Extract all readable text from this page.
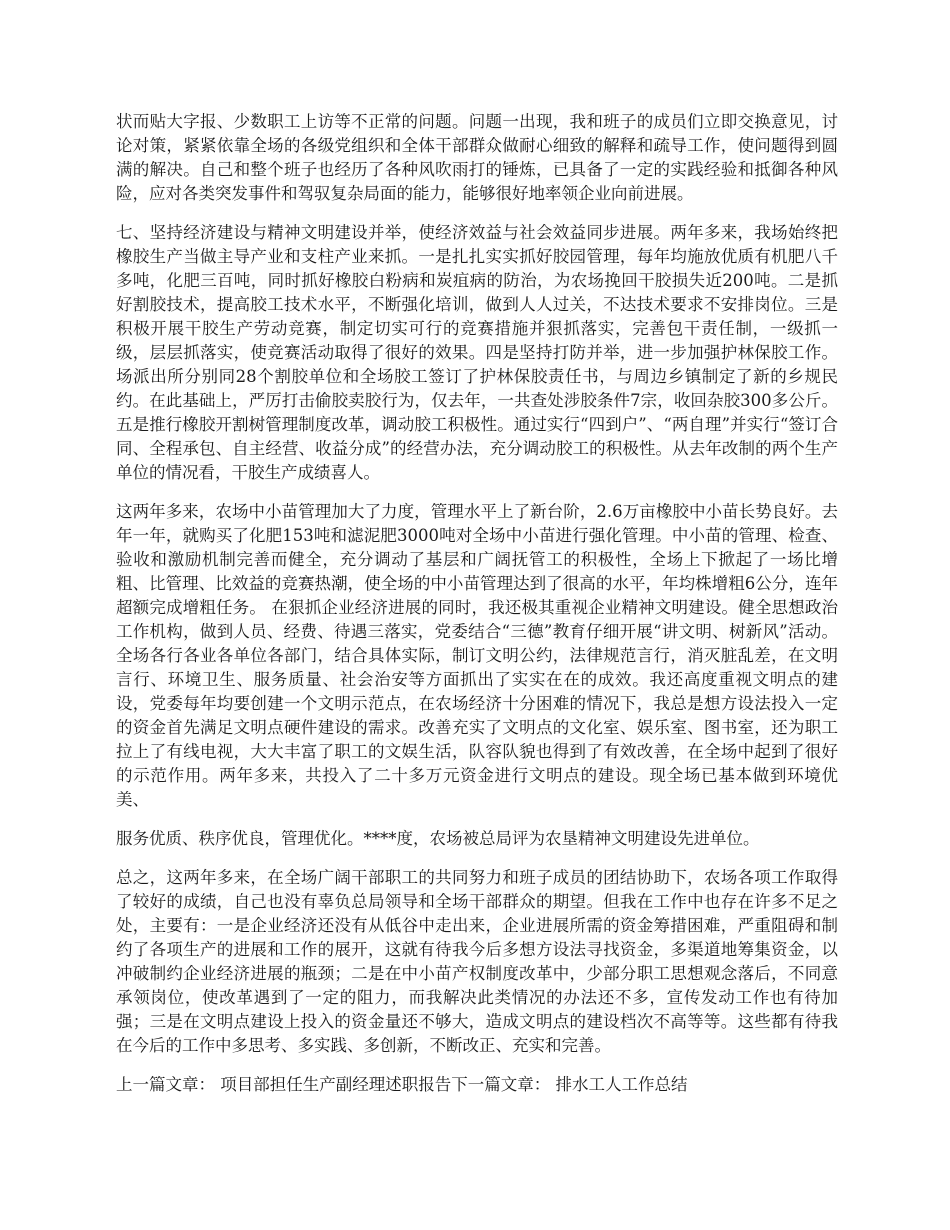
状而贴大字报、少数职工上访等不正常的问题。问题一出现，我和班子的成员们立即交换意见，讨论对策，紧紧依靠全场的各级党组织和全体干部群众做耐心细致的解释和疏导工作，使问题得到圆满的解决。自己和整个班子也经历了各种风吹雨打的锤炼，已具备了一定的实践经验和抵御各种风险，应对各类突发事件和驾驭复杂局面的能力，能够很好地率领企业向前进展。

七、坚持经济建设与精神文明建设并举，使经济效益与社会效益同步进展。两年多来，我场始终把橡胶生产当做主导产业和支柱产业来抓。一是扎扎实实抓好胶园管理，每年均施放优质有机肥八千多吨，化肥三百吨，同时抓好橡胶白粉病和炭疽病的防治，为农场挽回干胶损失近200吨。二是抓好割胶技术，提高胶工技术水平，不断强化培训，做到人人过关，不达技术要求不安排岗位。三是积极开展干胶生产劳动竞赛，制定切实可行的竞赛措施并狠抓落实，完善包干责任制，一级抓一级，层层抓落实，使竞赛活动取得了很好的效果。四是坚持打防并举，进一步加强护林保胶工作。场派出所分别同28个割胶单位和全场胶工签订了护林保胶责任书，与周边乡镇制定了新的乡规民约。在此基础上，严厉打击偷胶卖胶行为，仅去年，一共查处涉胶条件7宗，收回杂胶300多公斤。五是推行橡胶开割树管理制度改革，调动胶工积极性。通过实行“四到户”、“两自理”并实行“签订合同、全程承包、自主经营、收益分成”的经营办法，充分调动胶工的积极性。从去年改制的两个生产单位的情况看，干胶生产成绩喜人。

这两年多来，农场中小苗管理加大了力度，管理水平上了新台阶，2.6万亩橡胶中小苗长势良好。去年一年，就购买了化肥153吨和滤泥肥3000吨对全场中小苗进行强化管理。中小苗的管理、检查、验收和激励机制完善而健全，充分调动了基层和广阔抚管工的积极性，全场上下掀起了一场比增粗、比管理、比效益的竞赛热潮，使全场的中小苗管理达到了很高的水平，年均株增粗6公分，连年超额完成增粗任务。 在狠抓企业经济进展的同时，我还极其重视企业精神文明建设。健全思想政治工作机构，做到人员、经费、待遇三落实，党委结合“三德”教育仔细开展“讲文明、树新风”活动。全场各行各业各单位各部门，结合具体实际，制订文明公约，法律规范言行，消灭脏乱差，在文明言行、环境卫生、服务质量、社会治安等方面抓出了实实在在的成效。我还高度重视文明点的建设，党委每年均要创建一个文明示范点，在农场经济十分困难的情况下，我总是想方设法投入一定的资金首先满足文明点硬件建设的需求。改善充实了文明点的文化室、娱乐室、图书室，还为职工拉上了有线电视，大大丰富了职工的文娱生活，队容队貌也得到了有效改善，在全场中起到了很好的示范作用。两年多来，共投入了二十多万元资金进行文明点的建设。现全场已基本做到环境优美、

服务优质、秩序优良，管理优化。****度，农场被总局评为农垦精神文明建设先进单位。

总之，这两年多来，在全场广阔干部职工的共同努力和班子成员的团结协助下，农场各项工作取得了较好的成绩，自己也没有辜负总局领导和全场干部群众的期望。但我在工作中也存在许多不足之处，主要有：一是企业经济还没有从低谷中走出来，企业进展所需的资金筹措困难，严重阻碍和制约了各项生产的进展和工作的展开，这就有待我今后多想方设法寻找资金，多渠道地筹集资金，以冲破制约企业经济进展的瓶颈；二是在中小苗产权制度改革中，少部分职工思想观念落后，不同意承领岗位，使改革遇到了一定的阻力，而我解决此类情况的办法还不多，宣传发动工作也有待加强；三是在文明点建设上投入的资金量还不够大，造成文明点的建设档次不高等等。这些都有待我在今后的工作中多思考、多实践、多创新，不断改正、充实和完善。

上一篇文章： 项目部担任生产副经理述职报告下一篇文章： 排水工人工作总结
